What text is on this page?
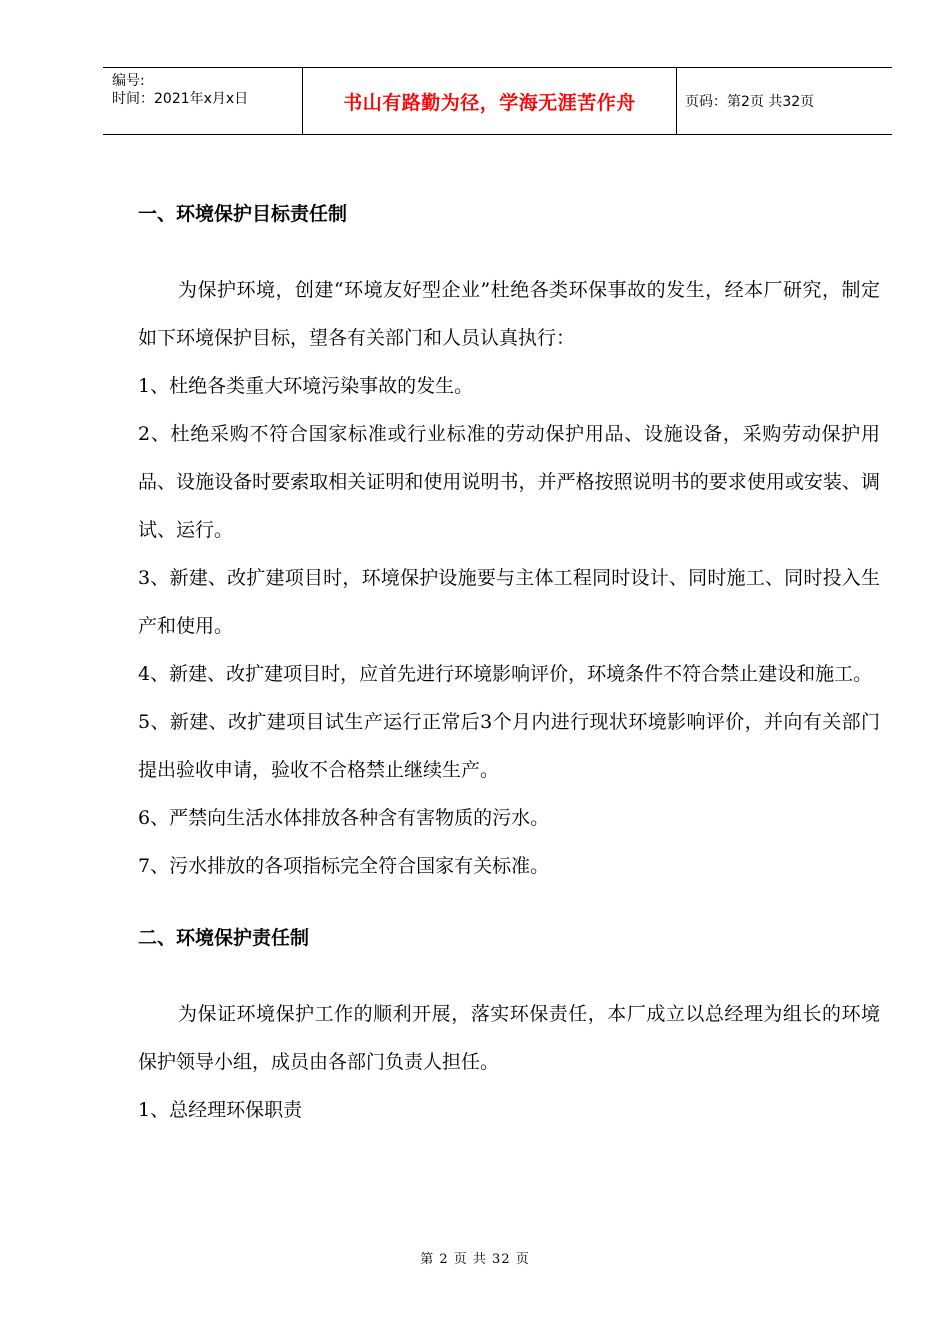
编号:
时间：2021年x月x日	书山有路勤为径，学海无涯苦作舟	页码：第2页 共32页

一、环境保护目标责任制

为保护环境，创建“环境友好型企业”杜绝各类环保事故的发生，经本厂研究，制定如下环境保护目标，望各有关部门和人员认真执行：

1、杜绝各类重大环境污染事故的发生。

2、杜绝采购不符合国家标准或行业标准的劳动保护用品、设施设备，采购劳动保护用品、设施设备时要索取相关证明和使用说明书，并严格按照说明书的要求使用或安装、调试、运行。

3、新建、改扩建项目时，环境保护设施要与主体工程同时设计、同时施工、同时投入生产和使用。

4、新建、改扩建项目时，应首先进行环境影响评价，环境条件不符合禁止建设和施工。

5、新建、改扩建项目试生产运行正常后3个月内进行现状环境影响评价，并向有关部门提出验收申请，验收不合格禁止继续生产。

6、严禁向生活水体排放各种含有害物质的污水。

7、污水排放的各项指标完全符合国家有关标准。

二、环境保护责任制

为保证环境保护工作的顺利开展，落实环保责任，本厂成立以总经理为组长的环境保护领导小组，成员由各部门负责人担任。

1、总经理环保职责

第 2 页 共 32 页
